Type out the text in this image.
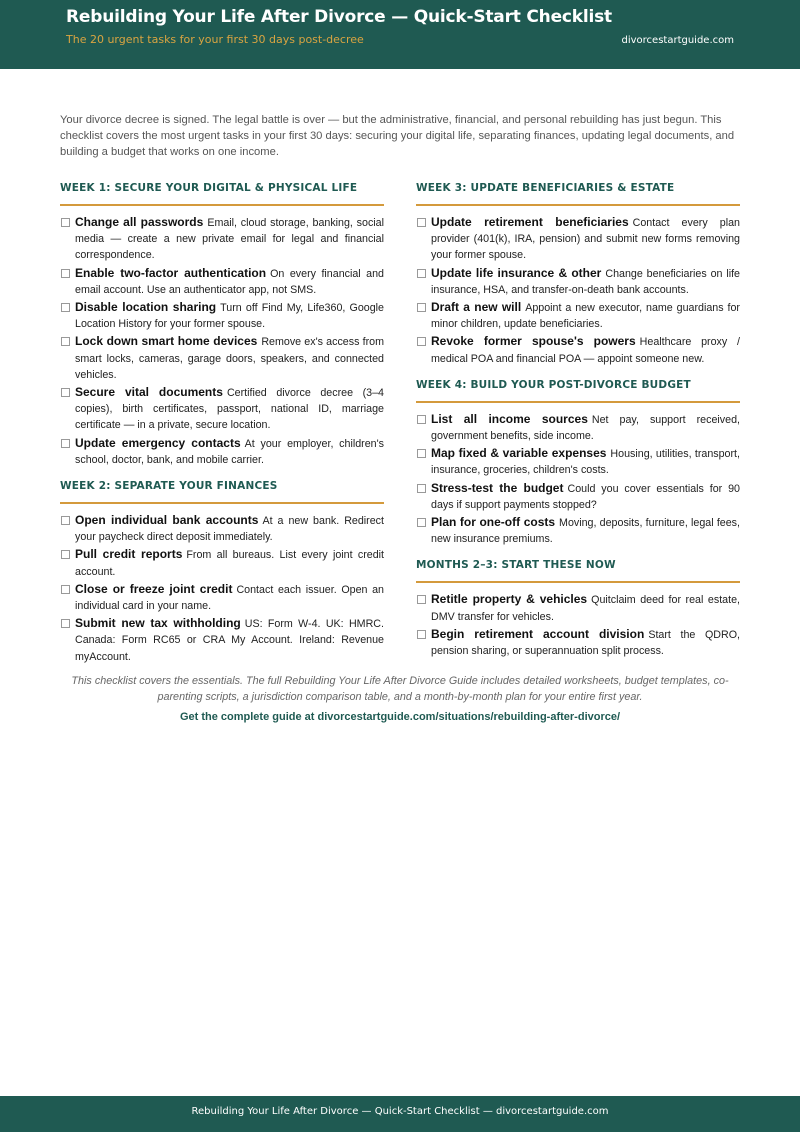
Rebuilding Your Life After Divorce — Quick-Start Checklist
The 20 urgent tasks for your first 30 days post-decree	divorcestartguide.com
Your divorce decree is signed. The legal battle is over — but the administrative, financial, and personal rebuilding has just begun. This checklist covers the most urgent tasks in your first 30 days: securing your digital life, separating finances, updating legal documents, and building a budget that works on one income.
WEEK 1: SECURE YOUR DIGITAL & PHYSICAL LIFE
Change all passwords Email, cloud storage, banking, social media — create a new private email for legal and financial correspondence.
Enable two-factor authentication On every financial and email account. Use an authenticator app, not SMS.
Disable location sharing Turn off Find My, Life360, Google Location History for your former spouse.
Lock down smart home devices Remove ex's access from smart locks, cameras, garage doors, speakers, and connected vehicles.
Secure vital documents Certified divorce decree (3–4 copies), birth certificates, passport, national ID, marriage certificate — in a private, secure location.
Update emergency contacts At your employer, children's school, doctor, bank, and mobile carrier.
WEEK 2: SEPARATE YOUR FINANCES
Open individual bank accounts At a new bank. Redirect your paycheck direct deposit immediately.
Pull credit reports From all bureaus. List every joint credit account.
Close or freeze joint credit Contact each issuer. Open an individual card in your name.
Submit new tax withholding US: Form W-4. UK: HMRC. Canada: Form RC65 or CRA My Account. Ireland: Revenue myAccount.
WEEK 3: UPDATE BENEFICIARIES & ESTATE
Update retirement beneficiaries Contact every plan provider (401(k), IRA, pension) and submit new forms removing your former spouse.
Update life insurance & other Change beneficiaries on life insurance, HSA, and transfer-on-death bank accounts.
Draft a new will Appoint a new executor, name guardians for minor children, update beneficiaries.
Revoke former spouse's powers Healthcare proxy / medical POA and financial POA — appoint someone new.
WEEK 4: BUILD YOUR POST-DIVORCE BUDGET
List all income sources Net pay, support received, government benefits, side income.
Map fixed & variable expenses Housing, utilities, transport, insurance, groceries, children's costs.
Stress-test the budget Could you cover essentials for 90 days if support payments stopped?
Plan for one-off costs Moving, deposits, furniture, legal fees, new insurance premiums.
MONTHS 2–3: START THESE NOW
Retitle property & vehicles Quitclaim deed for real estate, DMV transfer for vehicles.
Begin retirement account division Start the QDRO, pension sharing, or superannuation split process.
This checklist covers the essentials. The full Rebuilding Your Life After Divorce Guide includes detailed worksheets, budget templates, co-parenting scripts, a jurisdiction comparison table, and a month-by-month plan for your entire first year.
Get the complete guide at divorcestartguide.com/situations/rebuilding-after-divorce/
Rebuilding Your Life After Divorce — Quick-Start Checklist — divorcestartguide.com
